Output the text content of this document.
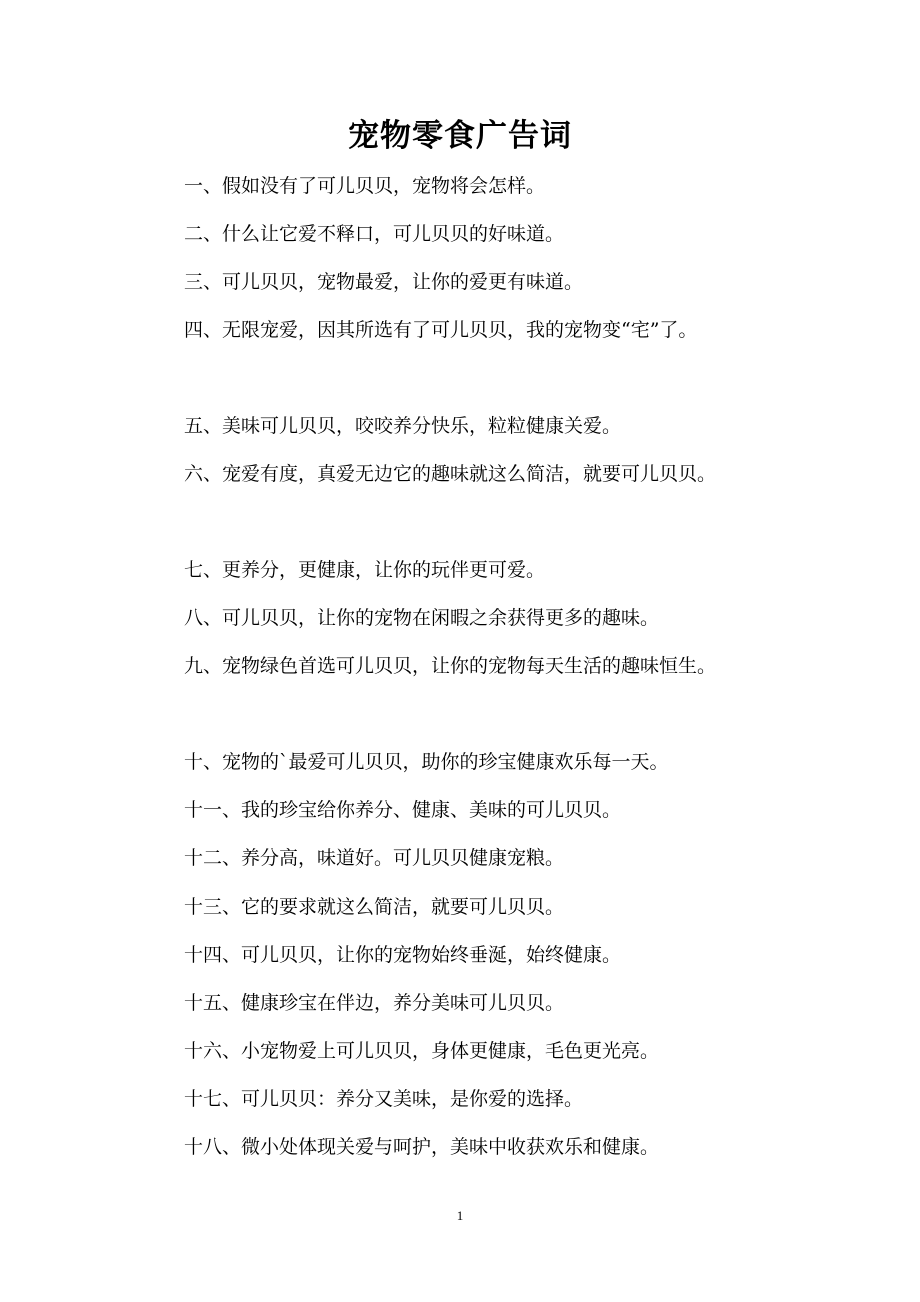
宠物零食广告词

一、假如没有了可儿贝贝，宠物将会怎样。

二、什么让它爱不释口，可儿贝贝的好味道。

三、可儿贝贝，宠物最爱，让你的爱更有味道。

四、无限宠爱，因其所选有了可儿贝贝，我的宠物变“宅”了。

五、美味可儿贝贝，咬咬养分快乐，粒粒健康关爱。

六、宠爱有度，真爱无边它的趣味就这么简洁，就要可儿贝贝。

七、更养分，更健康，让你的玩伴更可爱。

八、可儿贝贝，让你的宠物在闲暇之余获得更多的趣味。

九、宠物绿色首选可儿贝贝，让你的宠物每天生活的趣味恒生。

十、宠物的`最爱可儿贝贝，助你的珍宝健康欢乐每一天。

十一、我的珍宝给你养分、健康、美味的可儿贝贝。

十二、养分高，味道好。可儿贝贝健康宠粮。

十三、它的要求就这么简洁，就要可儿贝贝。

十四、可儿贝贝，让你的宠物始终垂涎，始终健康。

十五、健康珍宝在伴边，养分美味可儿贝贝。

十六、小宠物爱上可儿贝贝，身体更健康，毛色更光亮。

十七、可儿贝贝：养分又美味，是你爱的选择。

十八、微小处体现关爱与呵护，美味中收获欢乐和健康。

1
